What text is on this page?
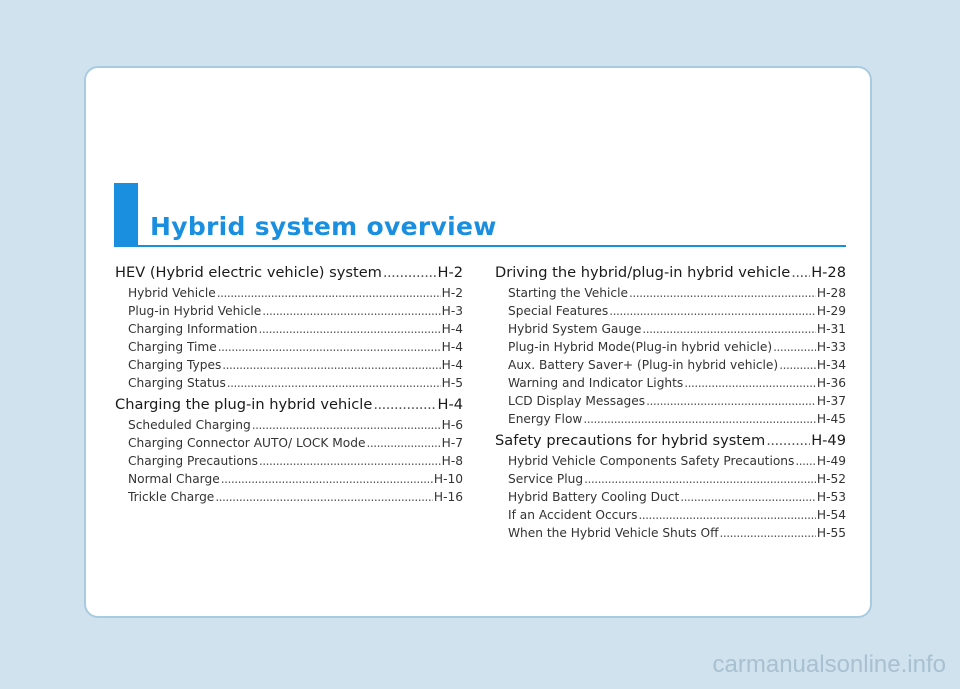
Hybrid system overview
HEV (Hybrid electric vehicle) system .....	H-2
Hybrid Vehicle .....	H-2
Plug-in Hybrid Vehicle .....	H-3
Charging Information .....	H-4
Charging Time .....	H-4
Charging Types .....	H-4
Charging Status .....	H-5
Charging the plug-in hybrid vehicle .....	H-4
Scheduled Charging .....	H-6
Charging Connector AUTO/ LOCK Mode .....	H-7
Charging Precautions .....	H-8
Normal Charge .....	H-10
Trickle Charge .....	H-16
Driving the hybrid/plug-in hybrid vehicle ..... H-28
Starting the Vehicle .....	H-28
Special Features .....	H-29
Hybrid System Gauge .....	H-31
Plug-in Hybrid Mode(Plug-in hybrid vehicle) .....	H-33
Aux. Battery Saver+ (Plug-in hybrid vehicle) .....	H-34
Warning and Indicator Lights .....	H-36
LCD Display Messages .....	H-37
Energy Flow .....	H-45
Safety precautions for hybrid system .....	H-49
Hybrid Vehicle Components Safety Precautions ..... H-49
Service Plug .....	H-52
Hybrid Battery Cooling Duct .....	H-53
If an Accident Occurs .....	H-54
When the Hybrid Vehicle Shuts Off .....	H-55
carmanualsonline.info
